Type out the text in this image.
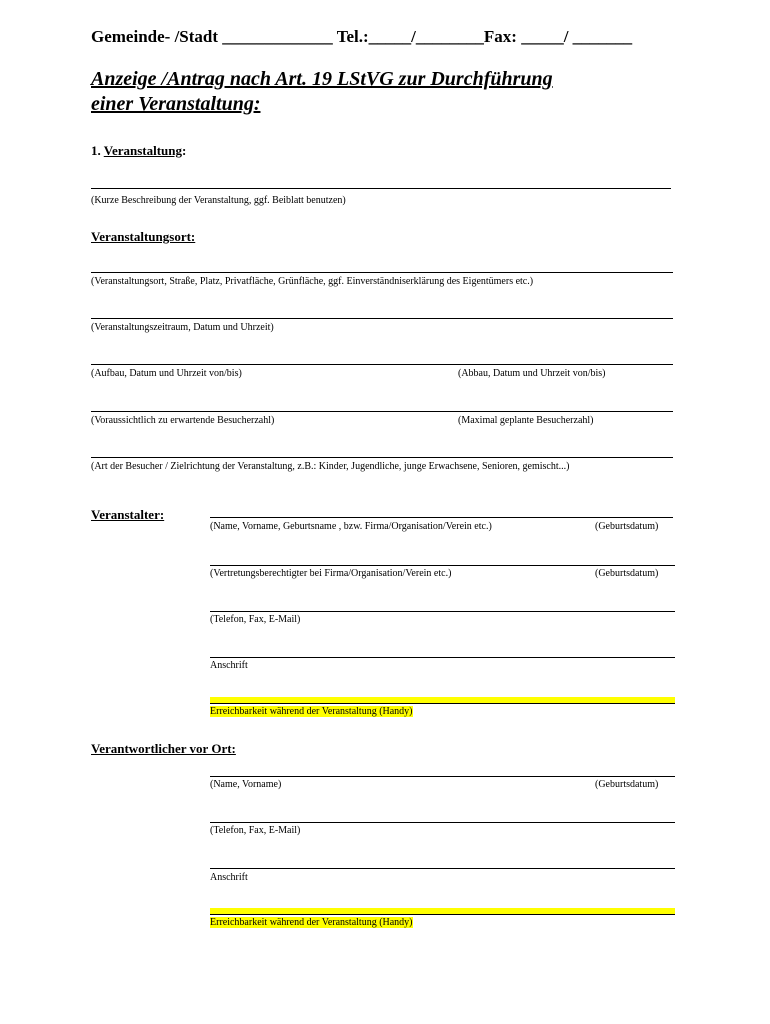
Gemeinde- /Stadt _____________ Tel.:_____/________Fax: _____/ _______
Anzeige /Antrag nach Art. 19 LStVG zur Durchführung
einer Veranstaltung:
1. Veranstaltung:
(Kurze Beschreibung der Veranstaltung, ggf. Beiblatt benutzen)
Veranstaltungsort:
(Veranstaltungsort, Straße, Platz, Privatfläche, Grünfläche, ggf. Einverständniserklärung des Eigentümers etc.)
(Veranstaltungszeitraum, Datum und Uhrzeit)
(Aufbau, Datum und Uhrzeit von/bis)	(Abbau, Datum und Uhrzeit von/bis)
(Voraussichtlich zu erwartende Besucherzahl)	(Maximal geplante Besucherzahl)
(Art der Besucher / Zielrichtung der Veranstaltung, z.B.: Kinder, Jugendliche, junge Erwachsene, Senioren, gemischt...)
Veranstalter:
(Name, Vorname, Geburtsname , bzw. Firma/Organisation/Verein etc.)	(Geburtsdatum)
(Vertretungsberechtigter bei Firma/Organisation/Verein etc.)	(Geburtsdatum)
(Telefon, Fax, E-Mail)
Anschrift
Erreichbarkeit während der Veranstaltung (Handy)
Verantwortlicher vor Ort:
(Name, Vorname)	(Geburtsdatum)
(Telefon, Fax, E-Mail)
Anschrift
Erreichbarkeit während der Veranstaltung (Handy)
